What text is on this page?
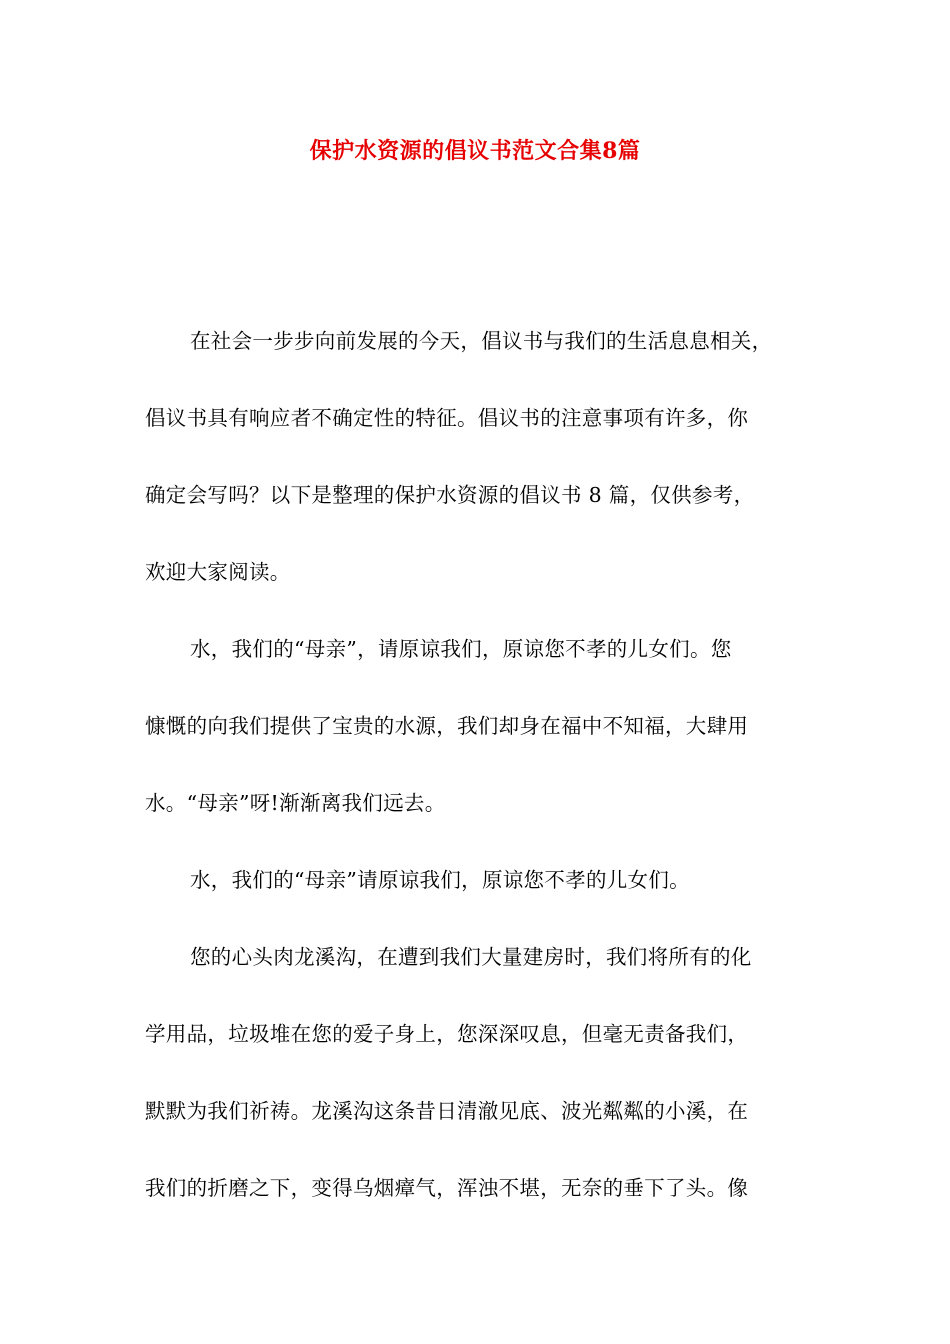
保护水资源的倡议书范文合集8篇
在社会一步步向前发展的今天，倡议书与我们的生活息息相关，
倡议书具有响应者不确定性的特征。倡议书的注意事项有许多，你
确定会写吗？以下是整理的保护水资源的倡议书 8 篇，仅供参考，
欢迎大家阅读。
水，我们的“母亲”，请原谅我们，原谅您不孝的儿女们。您
慷慨的向我们提供了宝贵的水源，我们却身在福中不知福，大肆用
水。“母亲”呀!渐渐离我们远去。
水，我们的“母亲”请原谅我们，原谅您不孝的儿女们。
您的心头肉龙溪沟，在遭到我们大量建房时，我们将所有的化
学用品，垃圾堆在您的爱子身上，您深深叹息，但毫无责备我们，
默默为我们祈祷。龙溪沟这条昔日清澈见底、波光粼粼的小溪，在
我们的折磨之下，变得乌烟瘴气，浑浊不堪，无奈的垂下了头。像
